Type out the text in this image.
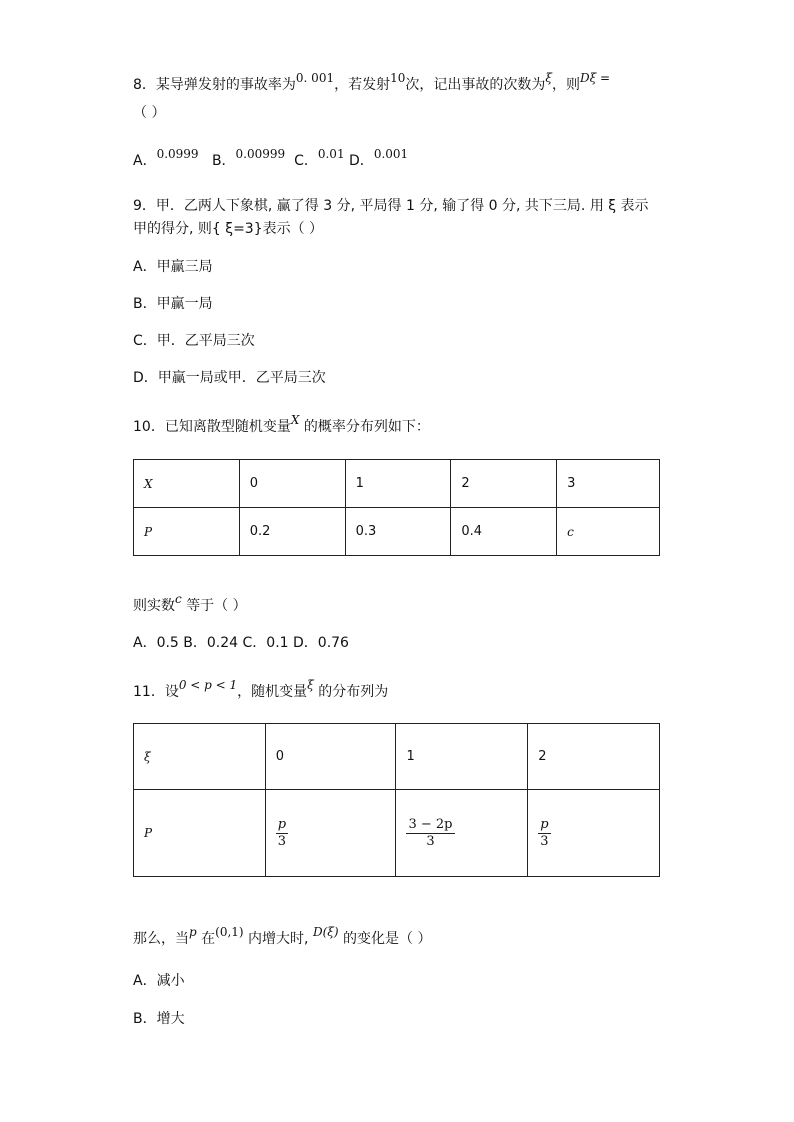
8．某导弹发射的事故率为0. 001，若发射10次，记出事故的次数为ξ，则Dξ =
（ ）
A．0.0999 B．0.00999 C．0.01 D．0.001
9．甲．乙两人下象棋, 赢了得 3 分, 平局得 1 分, 输了得 0 分, 共下三局. 用 ξ 表示
甲的得分, 则{ ξ=3}表示（ ）
A．甲赢三局
B．甲赢一局
C．甲．乙平局三次
D．甲赢一局或甲．乙平局三次
10．已知离散型随机变量X 的概率分布列如下：
X	0	1	2	3
P	0.2	0.3	0.4	c
则实数c 等于（ ）
A．0.5 B．0.24 C．0.1 D．0.76
11．设0 < p < 1，随机变量ξ 的分布列为
ξ	0	1	2
P	$\frac{p}{3}$	$\frac{3 - 2p}{3}$	$\frac{p}{3}$
那么，当p 在(0,1) 内增大时, D(ξ) 的变化是（ ）
A．减小
B．增大
